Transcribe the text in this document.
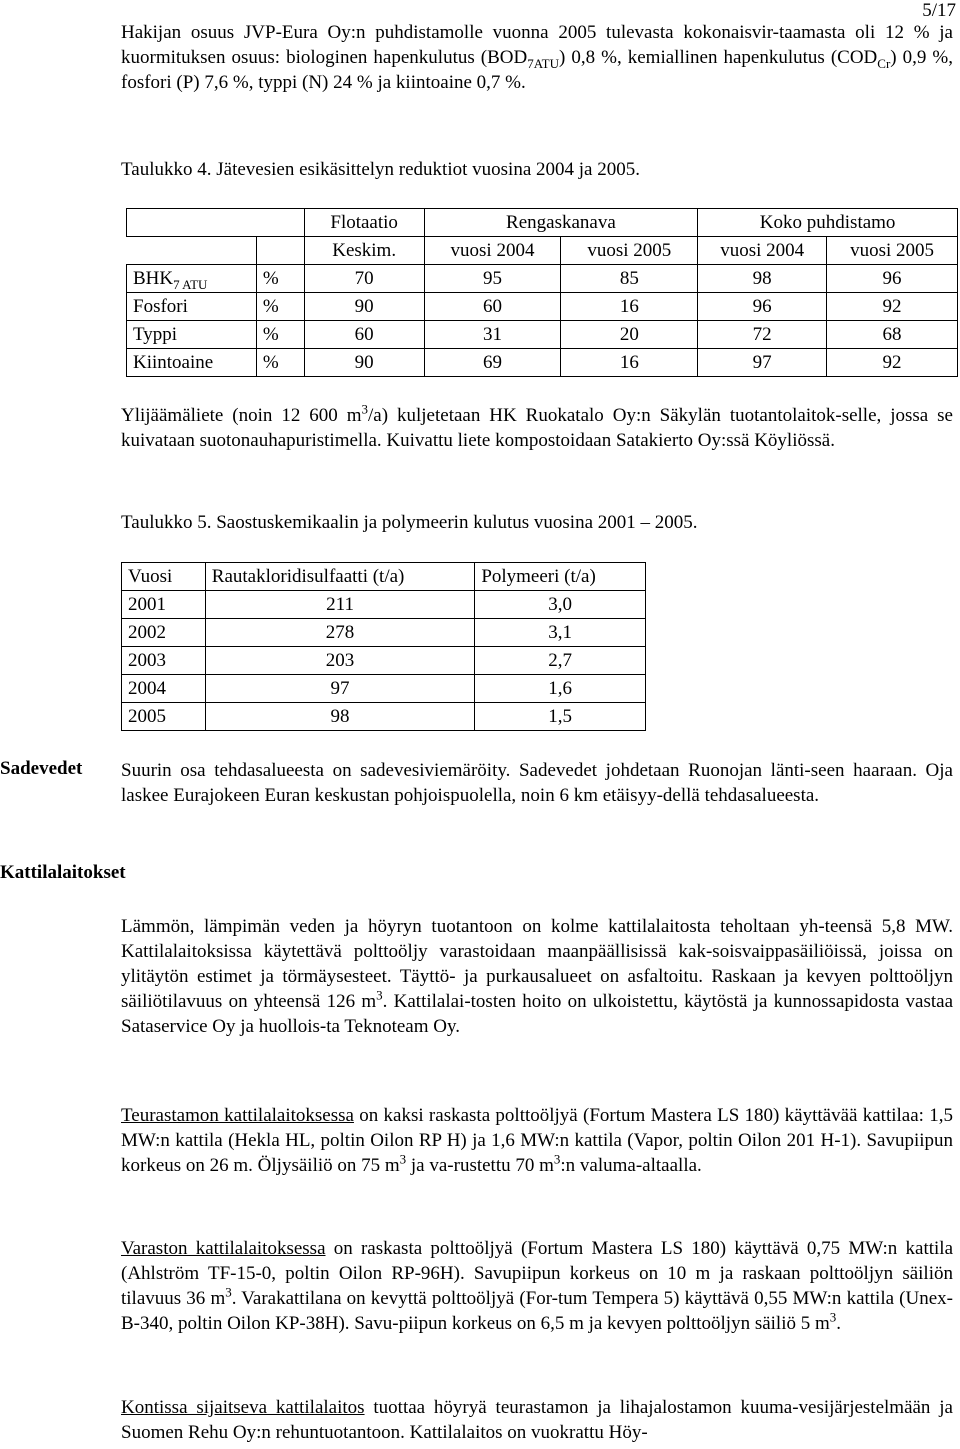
5/17

Hakijan osuus JVP-Eura Oy:n puhdistamolle vuonna 2005 tulevasta kokonaisvir-taamasta oli 12 % ja kuormituksen osuus: biologinen hapenkulutus $(BOD_{7ATU})$ 0,8 %, kemiallinen hapenkulutus $(COD_{Cr})$ 0,9 %, fosfori (P) 7,6 %, typpi (N) 24 % ja kiintoaine 0,7 %.

Taulukko 4. Jätevesien esikäsittelyn reduktiot vuosina 2004 ja 2005.
		Flotaatio	Rengaskanava		Koko puhdistamo	
		Keskim.	vuosi 2004	vuosi 2005	vuosi 2004	vuosi 2005
$BHK_{7 ATU}$	%	70	95	85	98	96
Fosfori	%	90	60	16	96	92
Typpi	%	60	31	20	72	68
Kiintoaine	%	90	69	16	97	92

Ylijäämäliete (noin 12 600 $m^3/a$) kuljetetaan HK Ruokatalo Oy:n Säkylän tuotantolaitok-selle, jossa se kuivataan suotonauhapuristimella. Kuivattu liete kompostoidaan Satakierto Oy:ssä Köyliössä.

Taulukko 5. Saostuskemikaalin ja polymeerin kulutus vuosina 2001 – 2005.
Vuosi	Rautakloridisulfaatti (t/a)	Polymeeri (t/a)
2001	211	3,0
2002	278	3,1
2003	203	2,7
2004	97	1,6
2005	98	1,5
Sadevedet Suurin osa tehdasalueesta on sadevesiviemäröity. Sadevedet johdetaan Ruonojan länti-seen haaraan. Oja laskee Eurajokeen Euran keskustan pohjoispuolella, noin 6 km etäisyy-dellä tehdasalueesta.

Kattilalaitokset

Lämmön, lämpimän veden ja höyryn tuotantoon on kolme kattilalaitosta teholtaan yh-teensä 5,8 MW. Kattilalaitoksissa käytettävä polttoöljy varastoidaan maanpäällisissä kak-soisvaippasäiliöissä, joissa on ylitäytön estimet ja törmäysesteet. Täyttö- ja purkausalueet on asfaltoitu. Raskaan ja kevyen polttoöljyn säiliötilavuus on yhteensä 126 $m^3$. Kattilalai-tosten hoito on ulkoistettu, käytöstä ja kunnossapidosta vastaa Sataservice Oy ja huollois-ta Teknoteam Oy.

Teurastamon kattilalaitoksessa on kaksi raskasta polttoöljyä (Fortum Mastera LS 180) käyttävää kattilaa: 1,5 MW:n kattila (Hekla HL, poltin Oilon RP H) ja 1,6 MW:n kattila (Vapor, poltin Oilon 201 H-1). Savupiipun korkeus on 26 m. Öljysäiliö on 75 $m^3$ ja va-rustettu 70 $m^3:n$ valuma-altaalla.

Varaston kattilalaitoksessa on raskasta polttoöljyä (Fortum Mastera LS 180) käyttävä 0,75 MW:n kattila (Ahlström TF-15-0, poltin Oilon RP-96H). Savupiipun korkeus on 10 m ja raskaan polttoöljyn säiliön tilavuus 36 $m^3$. Varakattilana on kevyttä polttoöljyä (For-tum Tempera 5) käyttävä 0,55 MW:n kattila (Unex-B-340, poltin Oilon KP-38H). Savu-piipun korkeus on 6,5 m ja kevyen polttoöljyn säiliö 5 $m^3$.

Kontissa sijaitseva kattilalaitos tuottaa höyryä teurastamon ja lihajalostamon kuuma-vesijärjestelmään ja Suomen Rehu Oy:n rehuntuotantoon. Kattilalaitos on vuokrattu Höy-
